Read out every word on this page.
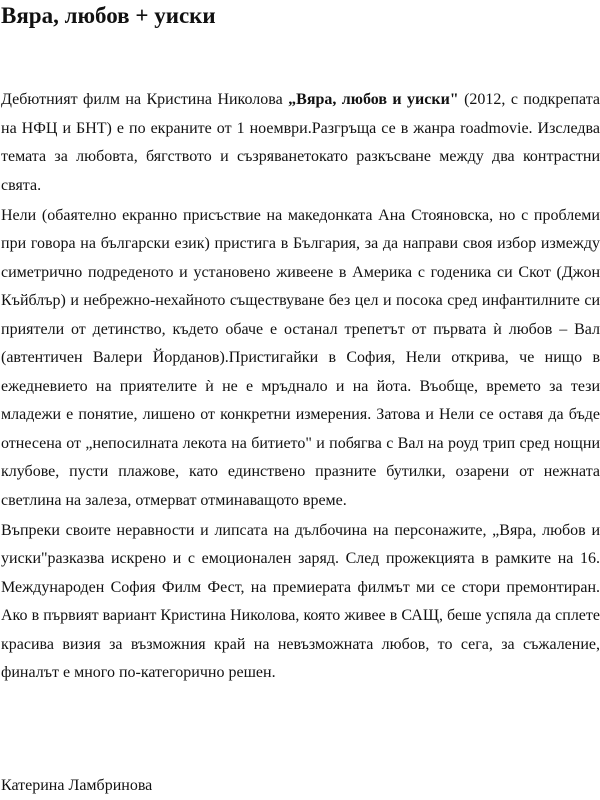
Вяра, любов + уиски

Дебютният филм на Кристина Николова „Вяра, любов и уиски" (2012, с подкрепата на НФЦ и БНТ) е по екраните от 1 ноември.Разгръща се в жанра roadmovie. Изследва темата за любовта, бягството и съзряванетокато разкъсване между два контрастни свята.

Нели (обаятелно екранно присъствие на македонката Ана Стояновска, но с проблеми при говора на български език) пристига в България, за да направи своя избор измежду симетрично подреденото и установено живеене в Америка с годеника си Скот (Джон Къйблър) и небрежно-нехайното съществуване без цел и посока сред инфантилните си приятели от детинство, където обаче е останал трепетът от първата ѝ любов – Вал (автентичен Валери Йорданов).Пристигайки в София, Нели открива, че нищо в ежедневието на приятелите ѝ не е мръднало и на йота. Въобще, времето за тези младежи е понятие, лишено от конкретни измерения. Затова и Нели се оставя да бъде отнесена от „непосилната лекота на битието" и побягва с Вал на роуд трип сред нощни клубове, пусти плажове, като единствено празните бутилки, озарени от нежната светлина на залеза, отмерват отминаващото време.

Въпреки своите неравности и липсата на дълбочина на персонажите, „Вяра, любов и уиски"разказва искрено и с емоционален заряд. След прожекцията в рамките на 16. Международен София Филм Фест, на премиерата филмът ми се стори премонтиран. Ако в първият вариант Кристина Николова, която живее в САЩ, беше успяла да сплете красива визия за възможния край на невъзможната любов, то сега, за съжаление, финалът е много по-категорично решен.

Катерина Ламбринова
